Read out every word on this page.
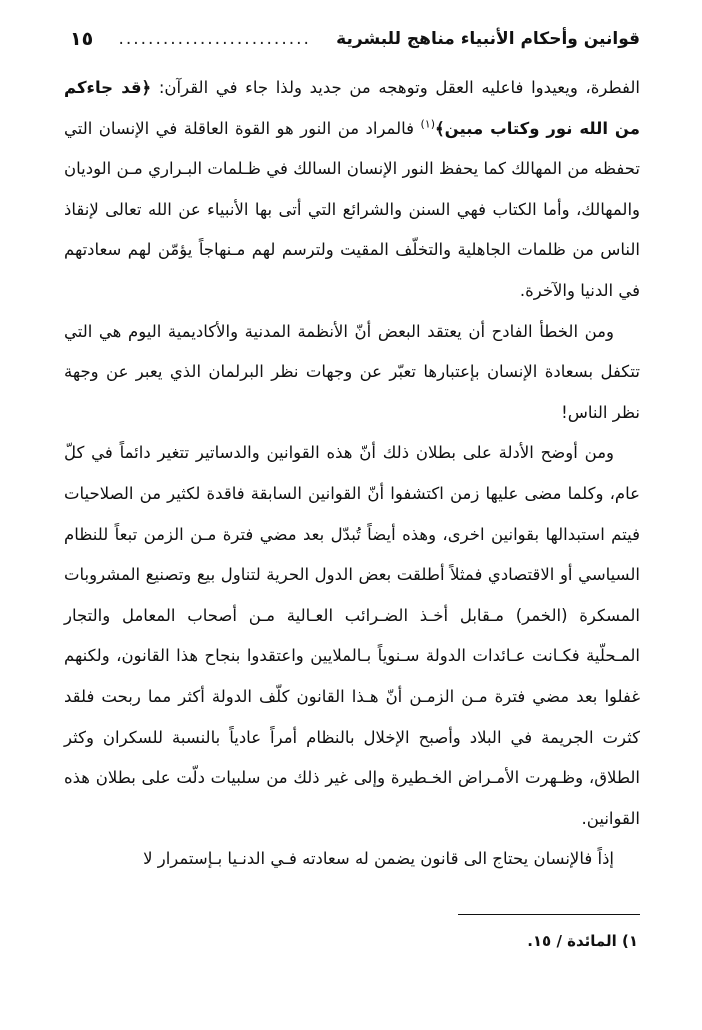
قوانين وأحكام الأنبياء مناهج للبشرية
..........................
١٥

الفطرة، ويعيدوا فاعليه العقل وتوهجه من جديد ولذا جاء في القرآن: ﴿قد جاءكم من الله نور وكتاب مبين﴾$^{(١)}$ فالمراد من النور هو القوة العاقلة في الإنسان التي تحفظه من المهالك كما يحفظ النور الإنسان السالك في ظـلمات البـراري مـن الوديان والمهالك، وأما الكتاب فهي السنن والشرائع التي أتى بها الأنبياء عن الله تعالى لإنقاذ الناس من ظلمات الجاهلية والتخلّف المقيت ولترسم لهم مـنهاجاً يؤمّن لهم سعادتهم في الدنيا والآخرة.

ومن الخطأ الفادح أن يعتقد البعض أنّ الأنظمة المدنية والأكاديمية اليوم هي التي تتكفل بسعادة الإنسان بإعتبارها تعبّر عن وجهات نظر البرلمان الذي يعبر عن وجهة نظر الناس!

ومن أوضح الأدلة على بطلان ذلك أنّ هذه القوانين والدساتير تتغير دائماً في كلّ عام، وكلما مضى عليها زمن اكتشفوا أنّ القوانين السابقة فاقدة لكثير من الصلاحيات فيتم استبدالها بقوانين اخرى، وهذه أيضاً تُبدّل بعد مضي فترة مـن الزمن تبعاً للنظام السياسي أو الاقتصادي فمثلاً أطلقت بعض الدول الحرية لتناول بيع وتصنيع المشروبات المسكرة (الخمر) مـقابل أخـذ الضـرائب العـالية مـن أصحاب المعامل والتجار المـحلّية فكـانت عـائدات الدولة سـنوياً بـالملايين واعتقدوا بنجاح هذا القانون، ولكنهم غفلوا بعد مضي فترة مـن الزمـن أنّ هـذا القانون كلّف الدولة أكثر مما ربحت فلقد كثرت الجريمة في البلاد وأصبح الإخلال بالنظام أمراً عادياً بالنسبة للسكران وكثر الطلاق، وظـهرت الأمـراض الخـطيرة وإلى غير ذلك من سلبيات دلّت على بطلان هذه القوانين.

إذاً فالإنسان يحتاج الى قانون يضمن له سعادته فـي الدنـيا بـإستمرار لا

١) المائدة / ١٥.
